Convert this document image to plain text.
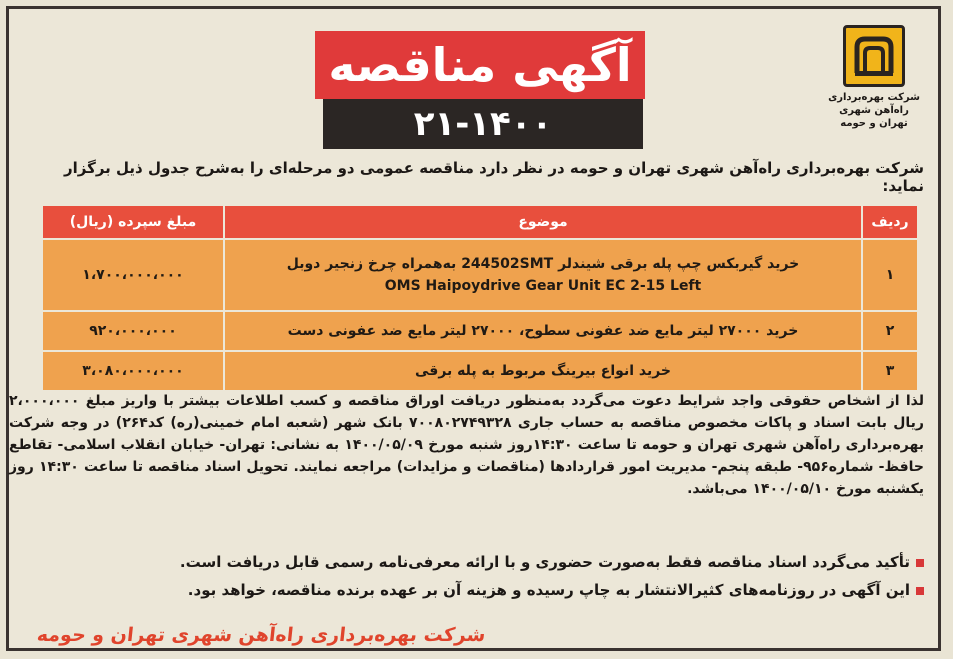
شرکت بهره‌برداری
راه‌آهن شهری تهران و حومه
آگهی مناقصه
۲۱-۱۴۰۰
شرکت بهره‌برداری راه‌آهن شهری تهران و حومه در نظر دارد مناقصه عمومی دو مرحله‌ای را به‌شرح جدول ذیل برگزار نماید:
ردیف	موضوع	مبلغ سپرده (ریال)
۱	خرید گیربکس چپ پله برقی شیندلر 244502SMT به‌همراه چرخ زنجیر دوبل
OMS Haipoydrive Gear Unit EC 2-15 Left	۱،۷۰۰،۰۰۰،۰۰۰
۲	خرید ۲۷۰۰۰ لیتر مایع ضد عفونی سطوح، ۲۷۰۰۰ لیتر مایع ضد عفونی دست	۹۲۰،۰۰۰،۰۰۰
۳	خرید انواع بیرینگ مربوط به پله برقی	۳،۰۸۰،۰۰۰،۰۰۰
لذا از اشخاص حقوقی واجد شرایط دعوت می‌گردد به‌منظور دریافت اوراق مناقصه و کسب اطلاعات بیشتر با واریز مبلغ ۲،۰۰۰،۰۰۰ ریال بابت اسناد و پاکات مخصوص مناقصه به حساب جاری ۷۰۰۸۰۲۷۴۹۳۲۸ بانک شهر (شعبه امام خمینی(ره) کد۲۶۴) در وجه شرکت بهره‌برداری راه‌آهن شهری تهران و حومه تا ساعت ۱۴:۳۰روز شنبه مورخ ۱۴۰۰/۰۵/۰۹ به نشانی: تهران- خیابان انقلاب اسلامی- تقاطع حافظ- شماره۹۵۶- طبقه پنجم- مدیریت امور قراردادها (مناقصات و مزایدات) مراجعه نمایند. تحویل اسناد مناقصه تا ساعت ۱۴:۳۰ روز یکشنبه مورخ ۱۴۰۰/۰۵/۱۰ می‌باشد.
تأکید می‌گردد اسناد مناقصه فقط به‌صورت حضوری و با ارائه معرفی‌نامه رسمی قابل دریافت است.
این آگهی در روزنامه‌های کثیرالانتشار به چاپ رسیده و هزینه آن بر عهده برنده مناقصه، خواهد بود.
شرکت بهره‌برداری راه‌آهن شهری تهران و حومه
